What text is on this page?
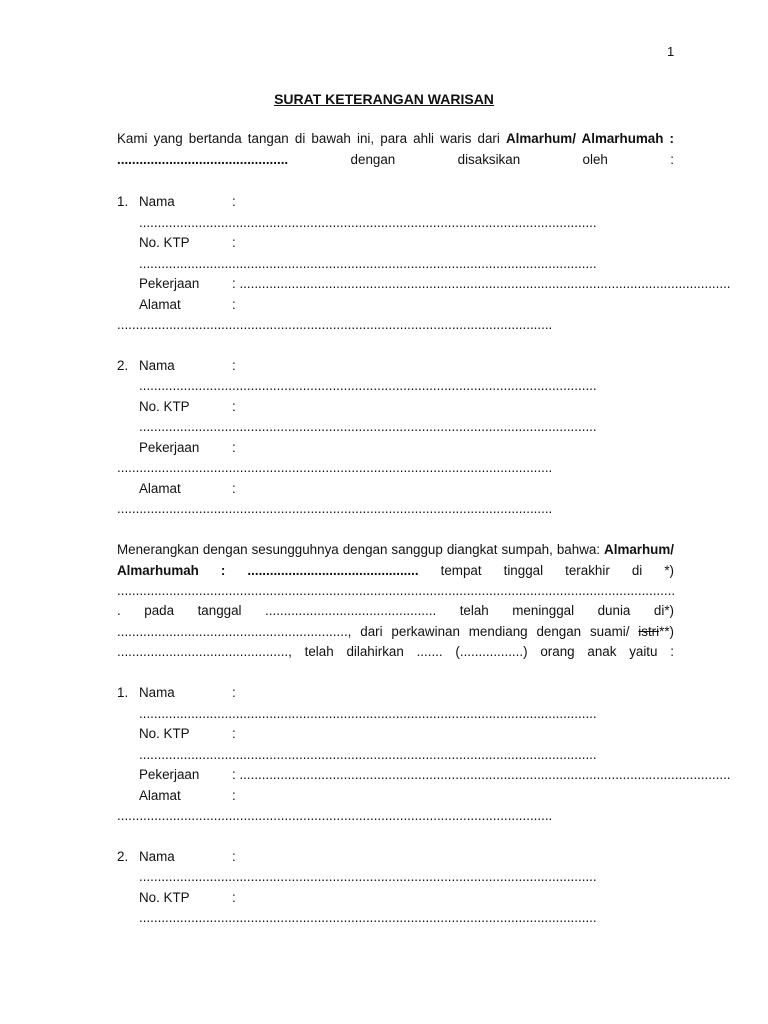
1
SURAT KETERANGAN WARISAN
Kami yang bertanda tangan di bawah ini, para ahli waris dari Almarhum/ Almarhumah : .............................................. dengan disaksikan oleh :
1. Nama	:
...........................................................................................................................
No. KTP	:
...........................................................................................................................
Pekerjaan : ....................................................................................................................................
Alamat	:
.....................................................................................................................
2. Nama	:
...........................................................................................................................
No. KTP	:
...........................................................................................................................
Pekerjaan :
.....................................................................................................................
Alamat	:
.....................................................................................................................
Menerangkan dengan sesungguhnya dengan sanggup diangkat sumpah, bahwa: Almarhum/ Almarhumah : .............................................. tempat tinggal terakhir di *) ......................................................................................................................................................
. pada tanggal .............................................. telah meninggal dunia di*) .............................................................., dari perkawinan mendiang dengan suami/ istri**) .............................................., telah dilahirkan ....... (.................) orang anak yaitu :
1. Nama	:
...........................................................................................................................
No. KTP	:
...........................................................................................................................
Pekerjaan : ....................................................................................................................................
Alamat	:
.....................................................................................................................
2. Nama	:
...........................................................................................................................
No. KTP	:
...........................................................................................................................
